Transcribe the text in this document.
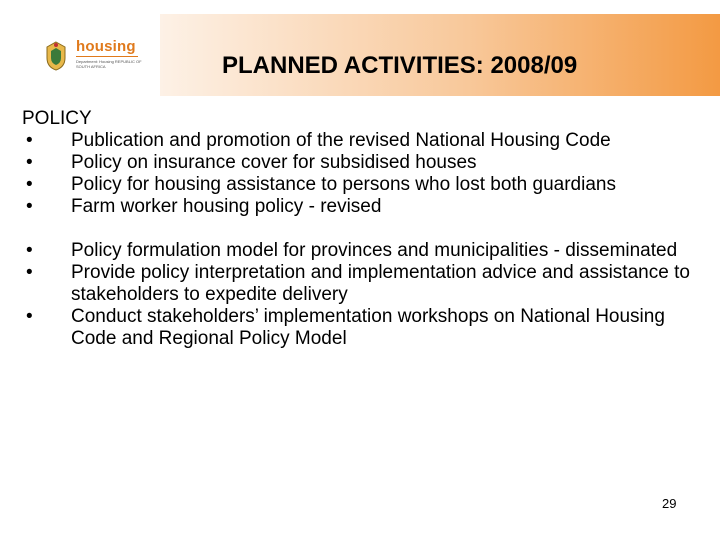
housing
Department: Housing REPUBLIC OF SOUTH AFRICA	PLANNED ACTIVITIES: 2008/09

POLICY

• Publication and promotion of the revised National Housing Code
• Policy on insurance cover for subsidised houses
• Policy for housing assistance to persons who lost both guardians
• Farm worker housing policy - revised
• Policy formulation model for provinces and municipalities - disseminated
• Provide policy interpretation and implementation advice and assistance to stakeholders to expedite delivery
• Conduct stakeholders’ implementation workshops on National Housing Code and Regional Policy Model
29
